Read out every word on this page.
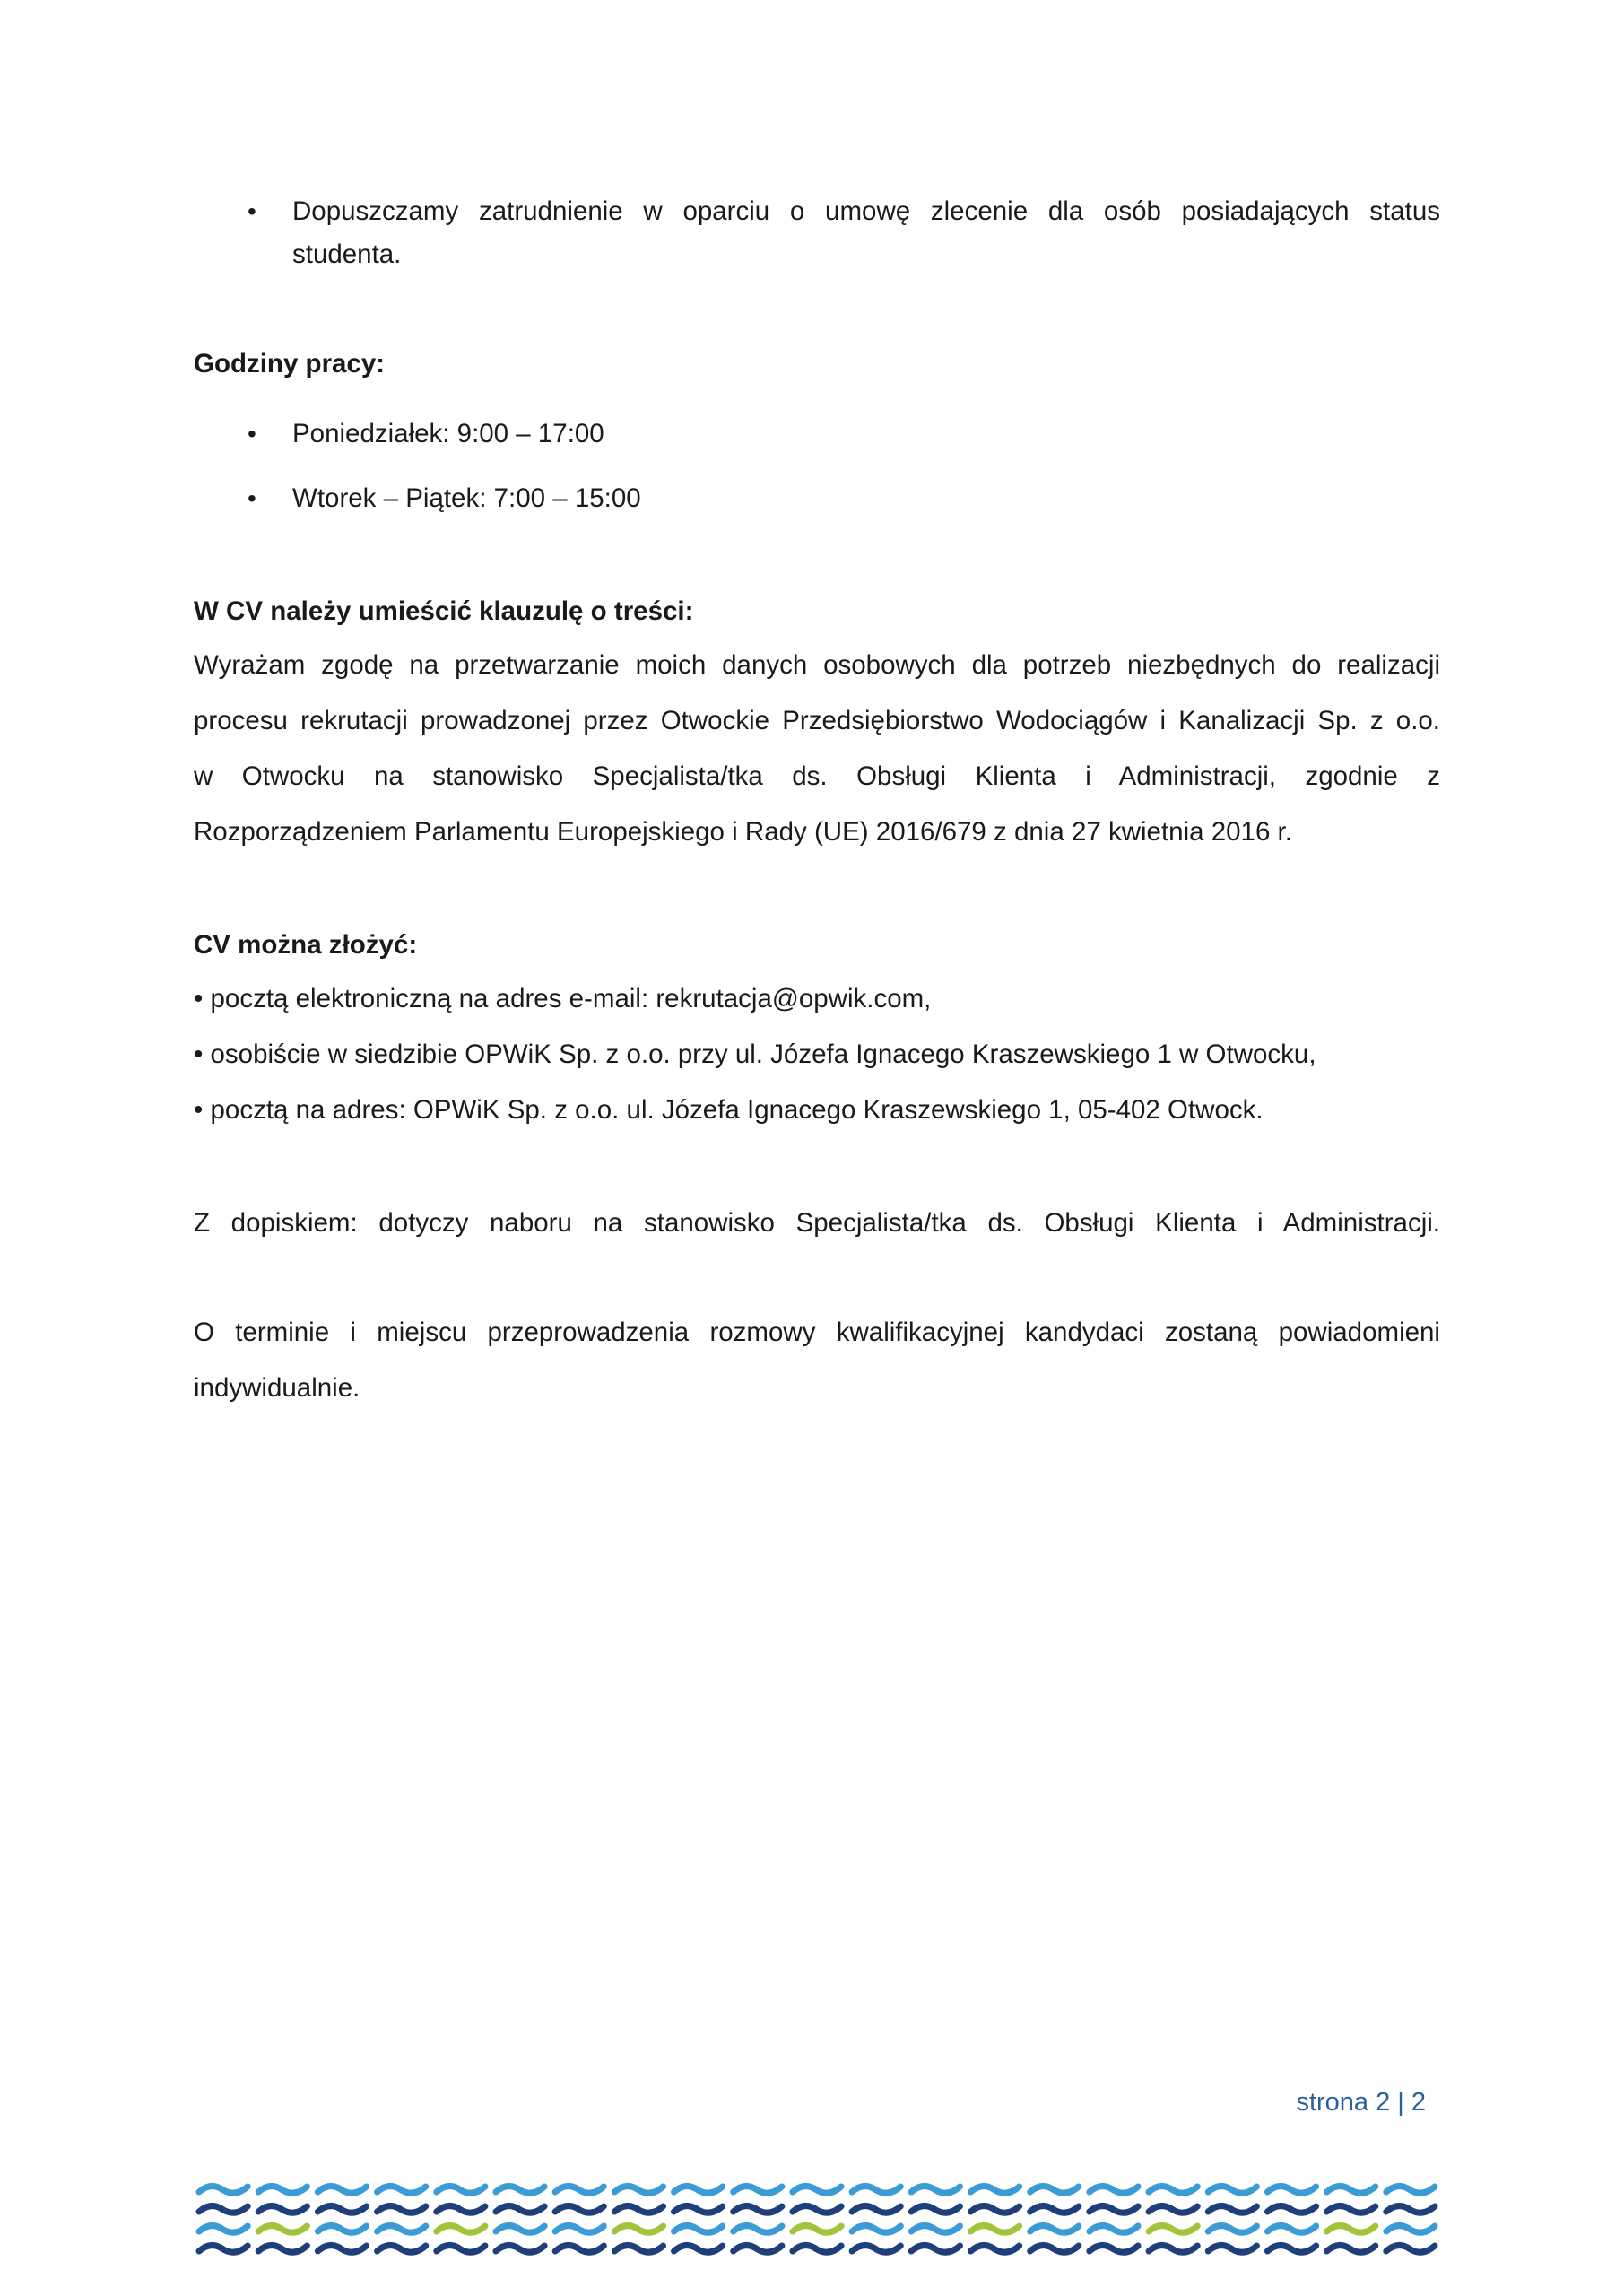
•	Dopuszczamy zatrudnienie w oparciu o umowę zlecenie dla osób posiadających status
studenta.
Godziny pracy:
•	Poniedziałek: 9:00 – 17:00
•	Wtorek – Piątek: 7:00 – 15:00
W CV należy umieścić klauzulę o treści:
Wyrażam zgodę na przetwarzanie moich danych osobowych dla potrzeb niezbędnych do realizacji
procesu rekrutacji prowadzonej przez Otwockie Przedsiębiorstwo Wodociągów i Kanalizacji Sp. z o.o.
w Otwocku na stanowisko Specjalista/tka ds. Obsługi Klienta i Administracji, zgodnie z
Rozporządzeniem Parlamentu Europejskiego i Rady (UE) 2016/679 z dnia 27 kwietnia 2016 r.
CV można złożyć:
• pocztą elektroniczną na adres e-mail: rekrutacja@opwik.com,
• osobiście w siedzibie OPWiK Sp. z o.o. przy ul. Józefa Ignacego Kraszewskiego 1 w Otwocku,
• pocztą na adres: OPWiK Sp. z o.o. ul. Józefa Ignacego Kraszewskiego 1, 05-402 Otwock.
Z dopiskiem: dotyczy naboru na stanowisko Specjalista/tka ds. Obsługi Klienta i Administracji.
O terminie i miejscu przeprowadzenia rozmowy kwalifikacyjnej kandydaci zostaną powiadomieni
indywidualnie.
strona 2 | 2
